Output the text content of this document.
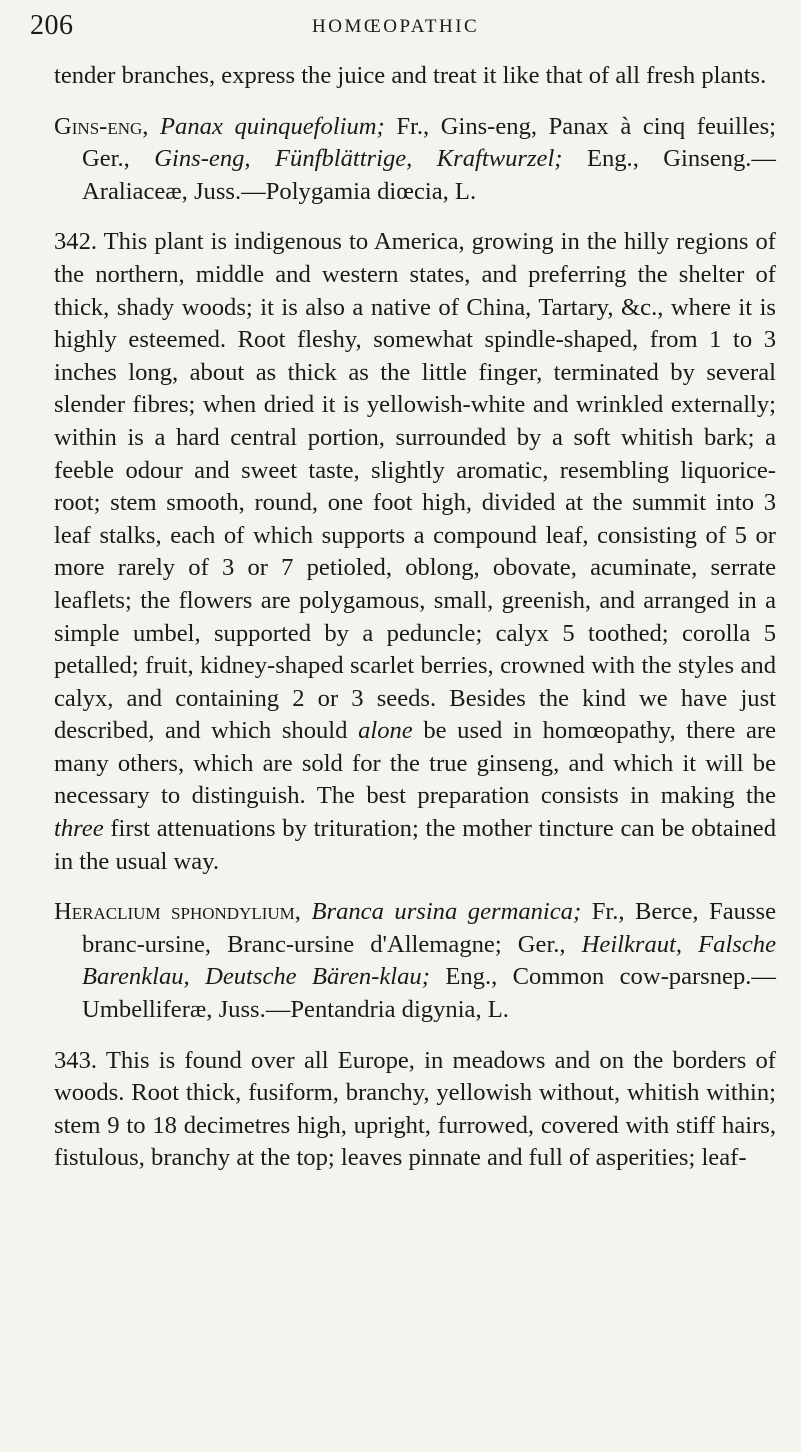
206	HOMŒOPATHIC

tender branches, express the juice and treat it like that of all fresh plants.

Gins-eng, Panax quinquefolium; Fr., Gins-eng, Panax à cinq feuilles; Ger., Gins-eng, Fünfblättrige, Kraftwurzel; Eng., Ginseng.—Araliaceæ, Juss.—Polygamia diœcia, L.

342. This plant is indigenous to America, growing in the hilly regions of the northern, middle and western states, and preferring the shelter of thick, shady woods; it is also a native of China, Tartary, &c., where it is highly esteemed. Root fleshy, somewhat spindle-shaped, from 1 to 3 inches long, about as thick as the little finger, terminated by several slender fibres; when dried it is yellowish-white and wrinkled externally; within is a hard central portion, surrounded by a soft whitish bark; a feeble odour and sweet taste, slightly aromatic, resembling liquorice-root; stem smooth, round, one foot high, divided at the summit into 3 leaf stalks, each of which supports a compound leaf, consisting of 5 or more rarely of 3 or 7 petioled, oblong, obovate, acuminate, serrate leaflets; the flowers are polygamous, small, greenish, and arranged in a simple umbel, supported by a peduncle; calyx 5 toothed; corolla 5 petalled; fruit, kidney-shaped scarlet berries, crowned with the styles and calyx, and containing 2 or 3 seeds. Besides the kind we have just described, and which should alone be used in homœopathy, there are many others, which are sold for the true ginseng, and which it will be necessary to distinguish. The best preparation consists in making the three first attenuations by trituration; the mother tincture can be obtained in the usual way.

Heraclium sphondylium, Branca ursina germanica; Fr., Berce, Fausse branc-ursine, Branc-ursine d'Allemagne; Ger., Heilkraut, Falsche Barenklau, Deutsche Bären-klau; Eng., Common cow-parsnep.—Umbelliferæ, Juss.—Pentandria digynia, L.

343. This is found over all Europe, in meadows and on the borders of woods. Root thick, fusiform, branchy, yellowish without, whitish within; stem 9 to 18 decimetres high, upright, furrowed, covered with stiff hairs, fistulous, branchy at the top; leaves pinnate and full of asperities; leaf-
